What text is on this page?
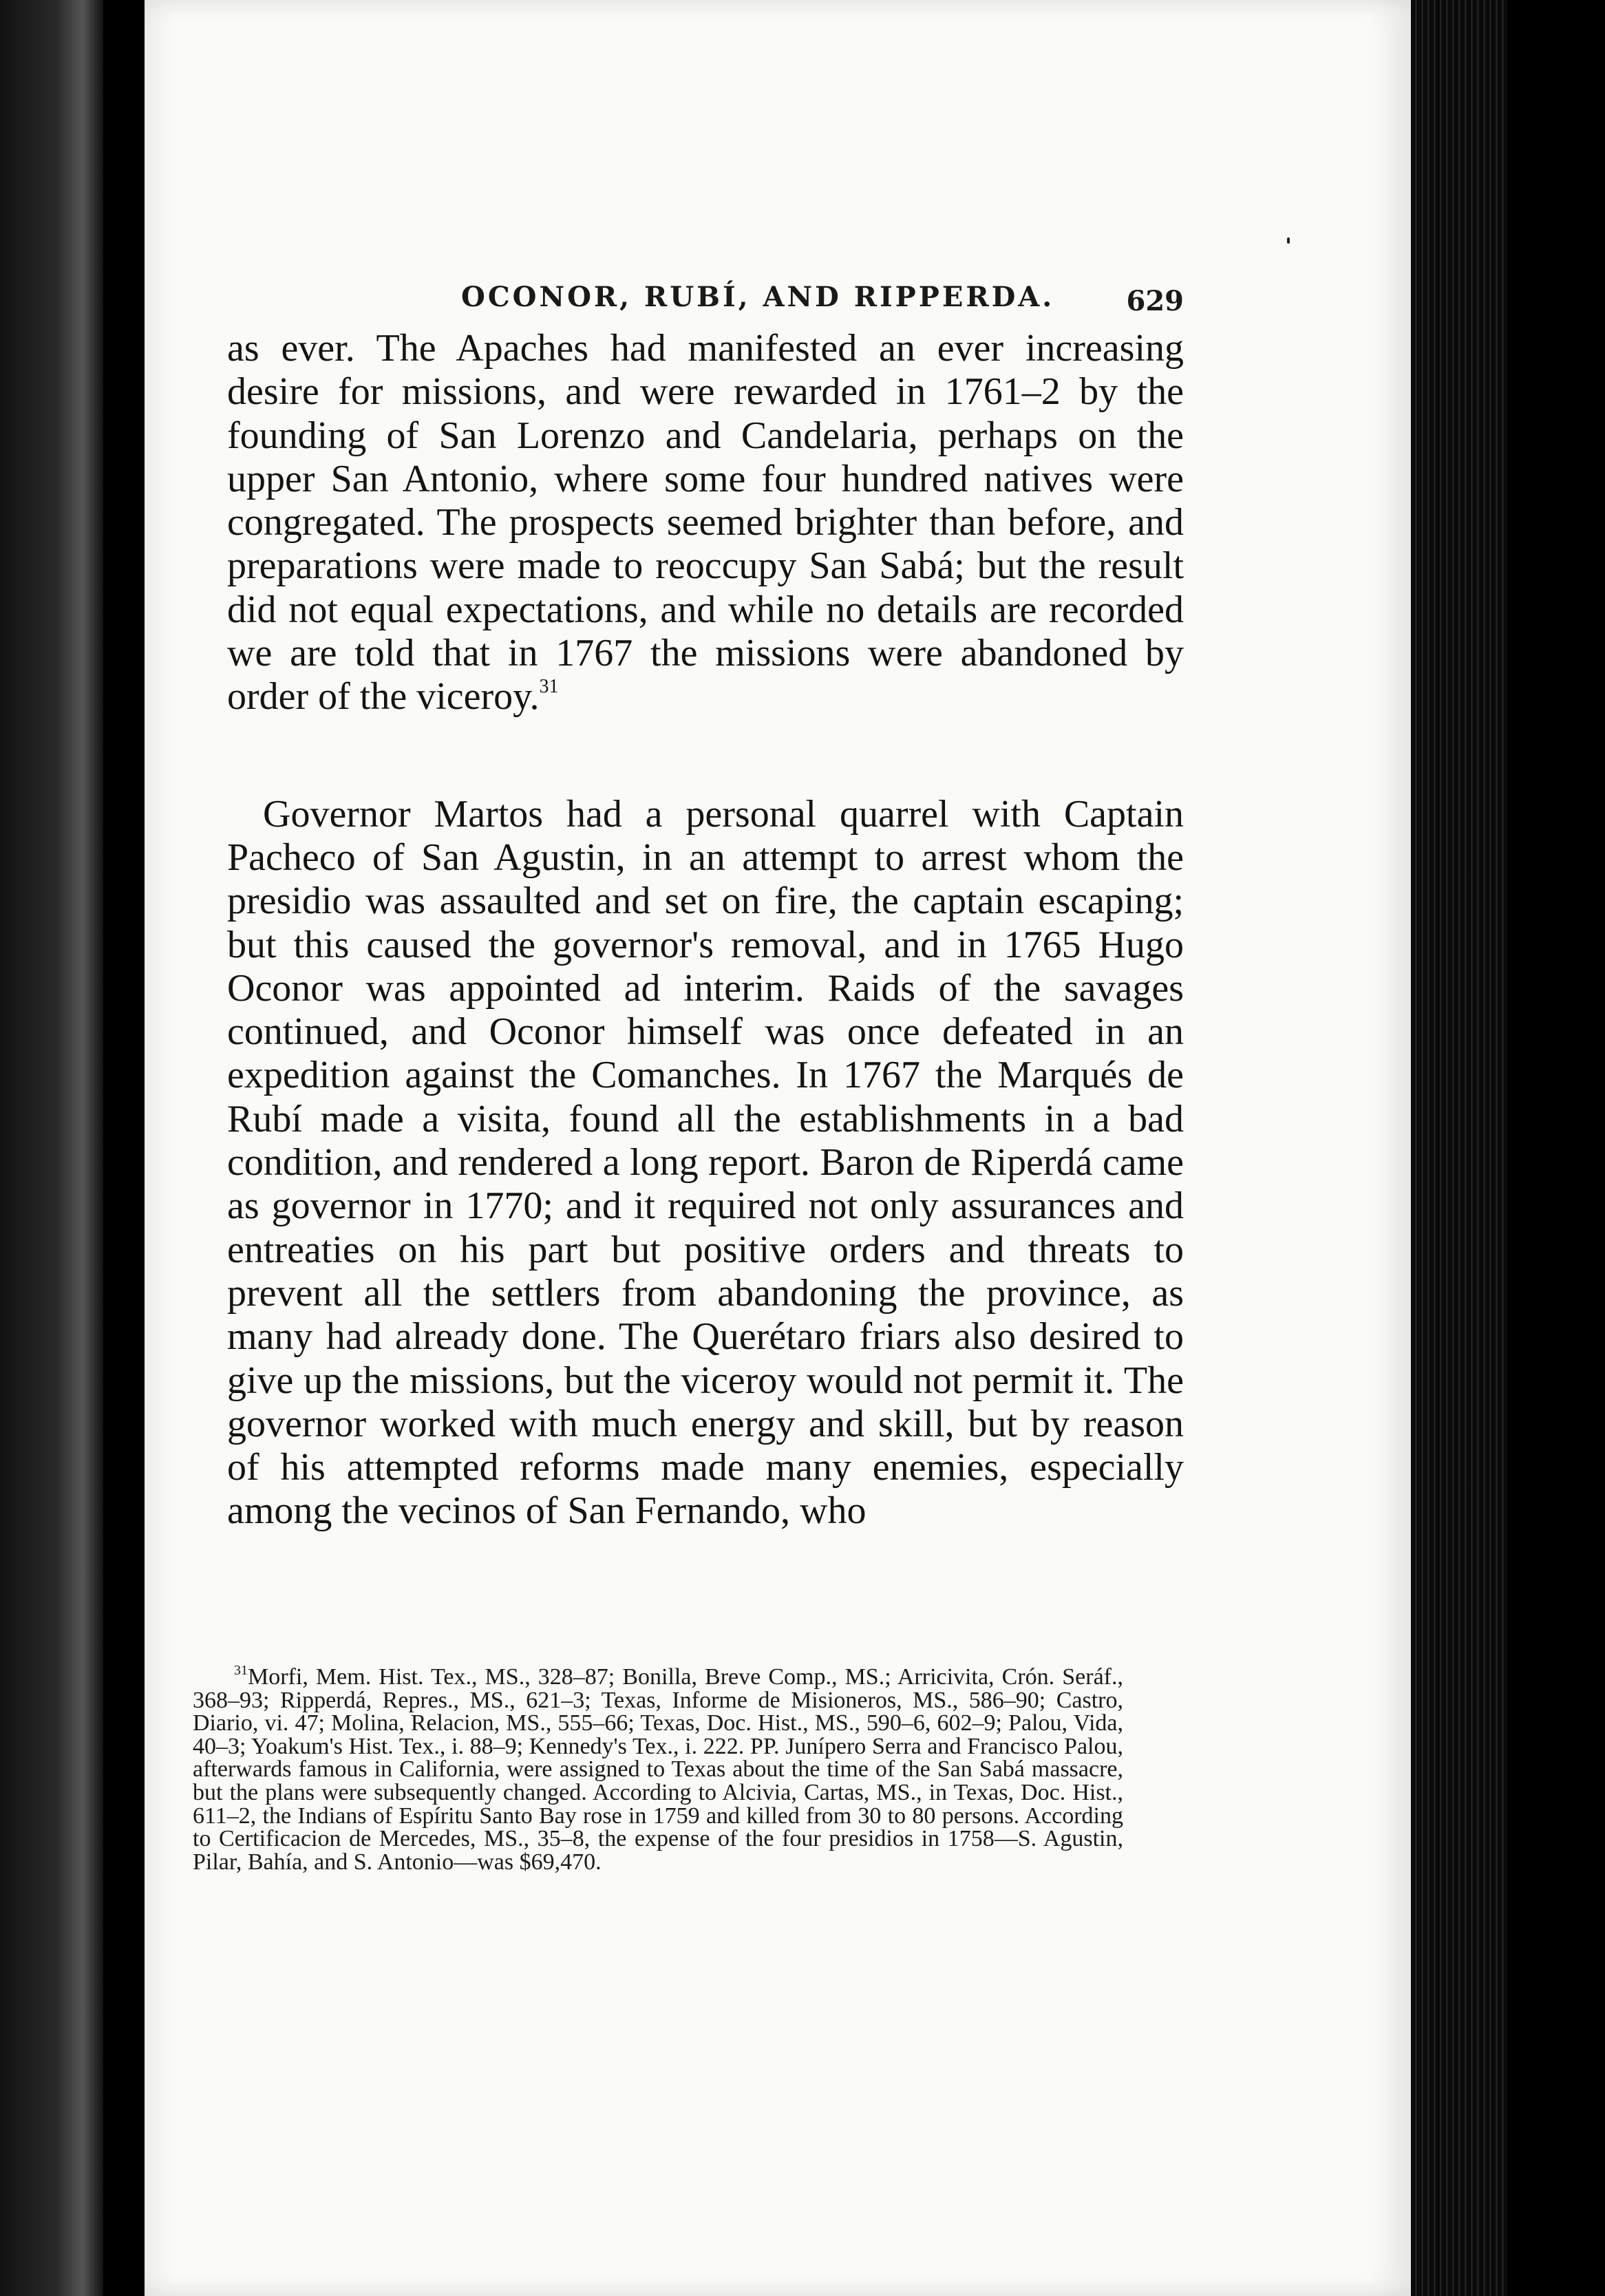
OCONOR, RUBÍ, AND RIPPERDA.	629

as ever. The Apaches had manifested an ever increasing desire for missions, and were rewarded in 1761–2 by the founding of San Lorenzo and Candelaria, perhaps on the upper San Antonio, where some four hundred natives were congregated. The prospects seemed brighter than before, and preparations were made to reoccupy San Sabá; but the result did not equal expectations, and while no details are recorded we are told that in 1767 the missions were abandoned by order of the viceroy.$^{31}$

Governor Martos had a personal quarrel with Captain Pacheco of San Agustin, in an attempt to arrest whom the presidio was assaulted and set on fire, the captain escaping; but this caused the governor's removal, and in 1765 Hugo Oconor was appointed ad interim. Raids of the savages continued, and Oconor himself was once defeated in an expedition against the Comanches. In 1767 the Marqués de Rubí made a visita, found all the establishments in a bad condition, and rendered a long report. Baron de Riperdá came as governor in 1770; and it required not only assurances and entreaties on his part but positive orders and threats to prevent all the settlers from abandoning the province, as many had already done. The Querétaro friars also desired to give up the missions, but the viceroy would not permit it. The governor worked with much energy and skill, but by reason of his attempted reforms made many enemies, especially among the vecinos of San Fernando, who

$^{31}$Morfi, Mem. Hist. Tex., MS., 328–87; Bonilla, Breve Comp., MS.; Arricivita, Crón. Seráf., 368–93; Ripperdá, Repres., MS., 621–3; Texas, Informe de Misioneros, MS., 586–90; Castro, Diario, vi. 47; Molina, Relacion, MS., 555–66; Texas, Doc. Hist., MS., 590–6, 602–9; Palou, Vida, 40–3; Yoakum's Hist. Tex., i. 88–9; Kennedy's Tex., i. 222. PP. Junípero Serra and Francisco Palou, afterwards famous in California, were assigned to Texas about the time of the San Sabá massacre, but the plans were subsequently changed. According to Alcivia, Cartas, MS., in Texas, Doc. Hist., 611–2, the Indians of Espíritu Santo Bay rose in 1759 and killed from 30 to 80 persons. According to Certificacion de Mercedes, MS., 35–8, the expense of the four presidios in 1758—S. Agustin, Pilar, Bahía, and S. Antonio—was $69,470.
